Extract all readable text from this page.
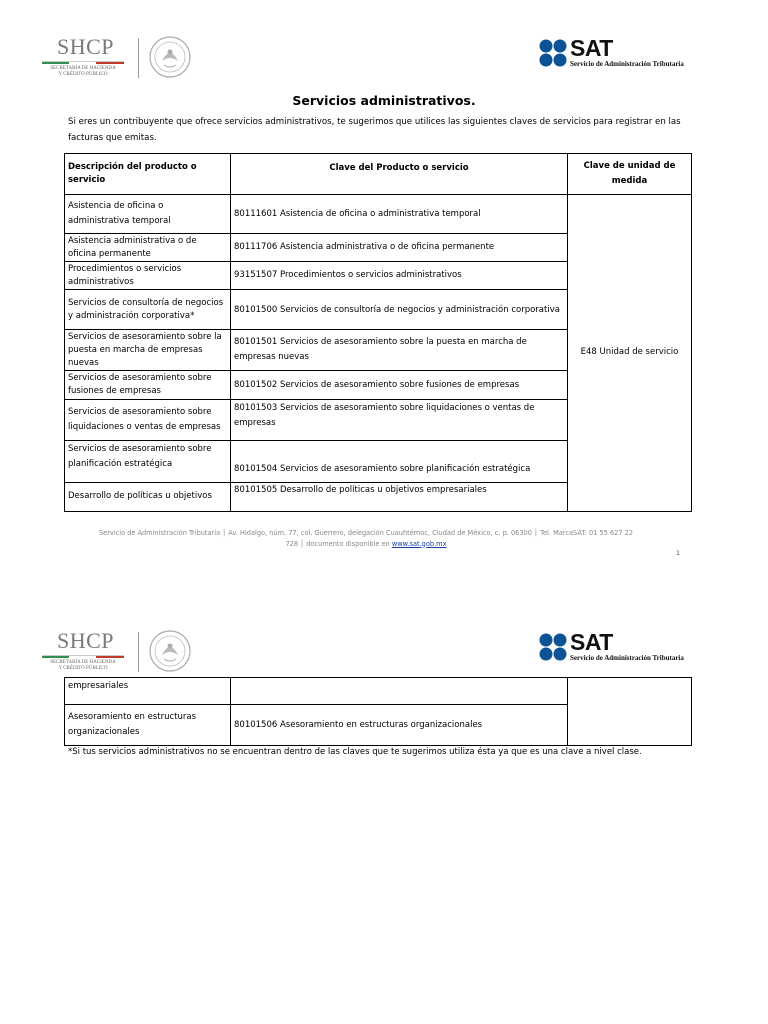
SHCP
SECRETARÍA DE HACIENDA
Y CRÉDITO PÚBLICO
SAT
Servicio de Administración Tributaria
Servicios administrativos.
Si eres un contribuyente que ofrece servicios administrativos, te sugerimos que utilices las siguientes claves de servicios para registrar en las facturas que emitas.
Descripción del producto o servicio	Clave del Producto o servicio	Clave de unidad de medida
Asistencia de oficina o administrativa temporal	80111601 Asistencia de oficina o administrativa temporal	E48 Unidad de servicio
Asistencia administrativa o de oficina permanente	80111706 Asistencia administrativa o de oficina permanente	
Procedimientos o servicios administrativos	93151507 Procedimientos o servicios administrativos	
Servicios de consultoría de negocios y administración corporativa*	80101500 Servicios de consultoría de negocios y administración corporativa	
Servicios de asesoramiento sobre la puesta en marcha de empresas nuevas	80101501 Servicios de asesoramiento sobre la puesta en marcha de empresas nuevas	
Servicios de asesoramiento sobre fusiones de empresas	80101502 Servicios de asesoramiento sobre fusiones de empresas	
Servicios de asesoramiento sobre liquidaciones o ventas de empresas	80101503 Servicios de asesoramiento sobre liquidaciones o ventas de empresas	
Servicios de asesoramiento sobre planificación estratégica	80101504 Servicios de asesoramiento sobre planificación estratégica	
Desarrollo de políticas u objetivos	80101505 Desarrollo de políticas u objetivos empresariales	
Servicio de Administración Tributaria │ Av. Hidalgo, núm. 77, col. Guerrero, delegación Cuauhtémoc, Ciudad de México, c. p. 06300 │ Tel. MarcaSAT: 01 55 627 22
728 │ documento disponible en www.sat.gob.mx
1
SHCP
SECRETARÍA DE HACIENDA
Y CRÉDITO PÚBLICO
SAT
Servicio de Administración Tributaria
empresariales		
Asesoramiento en estructuras organizacionales	80101506 Asesoramiento en estructuras organizacionales	
*Si tus servicios administrativos no se encuentran dentro de las claves que te sugerimos utiliza ésta ya que es una clave a nivel clase.
